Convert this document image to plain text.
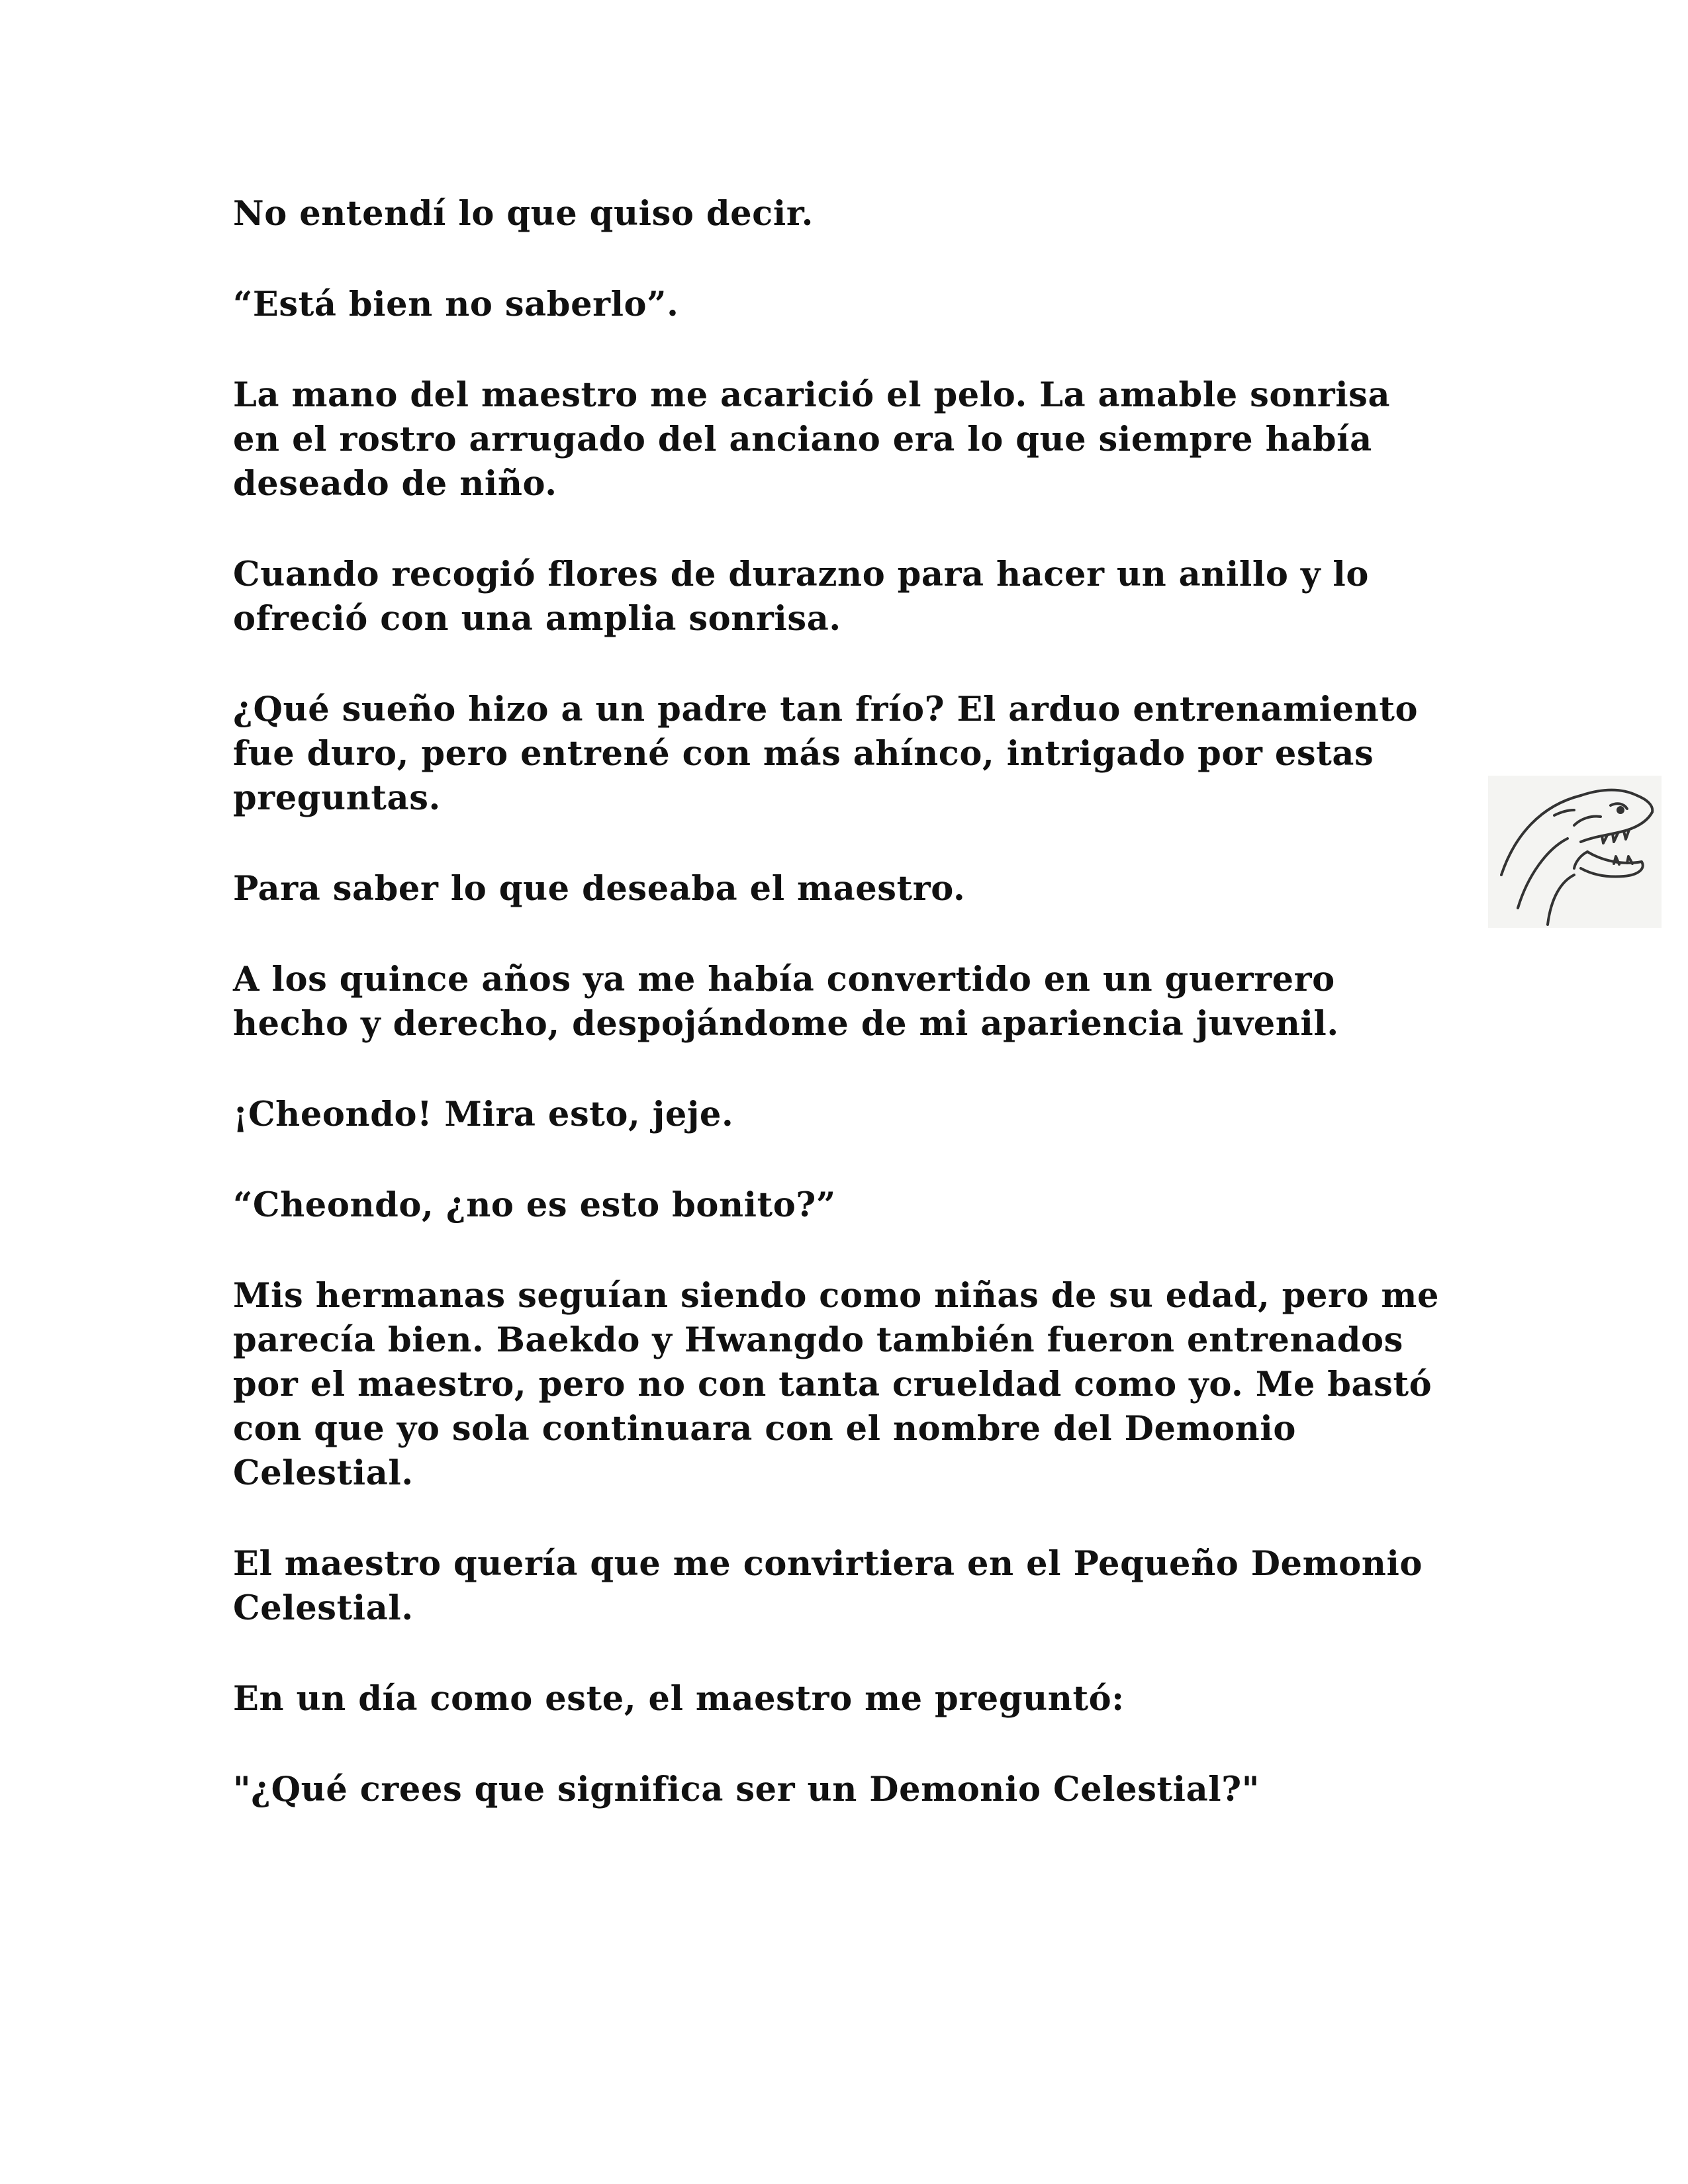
No entendí lo que quiso decir.

“Está bien no saberlo”.

La mano del maestro me acarició el pelo. La amable sonrisa
en el rostro arrugado del anciano era lo que siempre había
deseado de niño.

Cuando recogió flores de durazno para hacer un anillo y lo
ofreció con una amplia sonrisa.

¿Qué sueño hizo a un padre tan frío? El arduo entrenamiento
fue duro, pero entrené con más ahínco, intrigado por estas
preguntas.

Para saber lo que deseaba el maestro.

A los quince años ya me había convertido en un guerrero
hecho y derecho, despojándome de mi apariencia juvenil.

¡Cheondo! Mira esto, jeje.

“Cheondo, ¿no es esto bonito?”

Mis hermanas seguían siendo como niñas de su edad, pero me
parecía bien. Baekdo y Hwangdo también fueron entrenados
por el maestro, pero no con tanta crueldad como yo. Me bastó
con que yo sola continuara con el nombre del Demonio
Celestial.

El maestro quería que me convirtiera en el Pequeño Demonio
Celestial.

En un día como este, el maestro me preguntó:

"¿Qué crees que significa ser un Demonio Celestial?"
